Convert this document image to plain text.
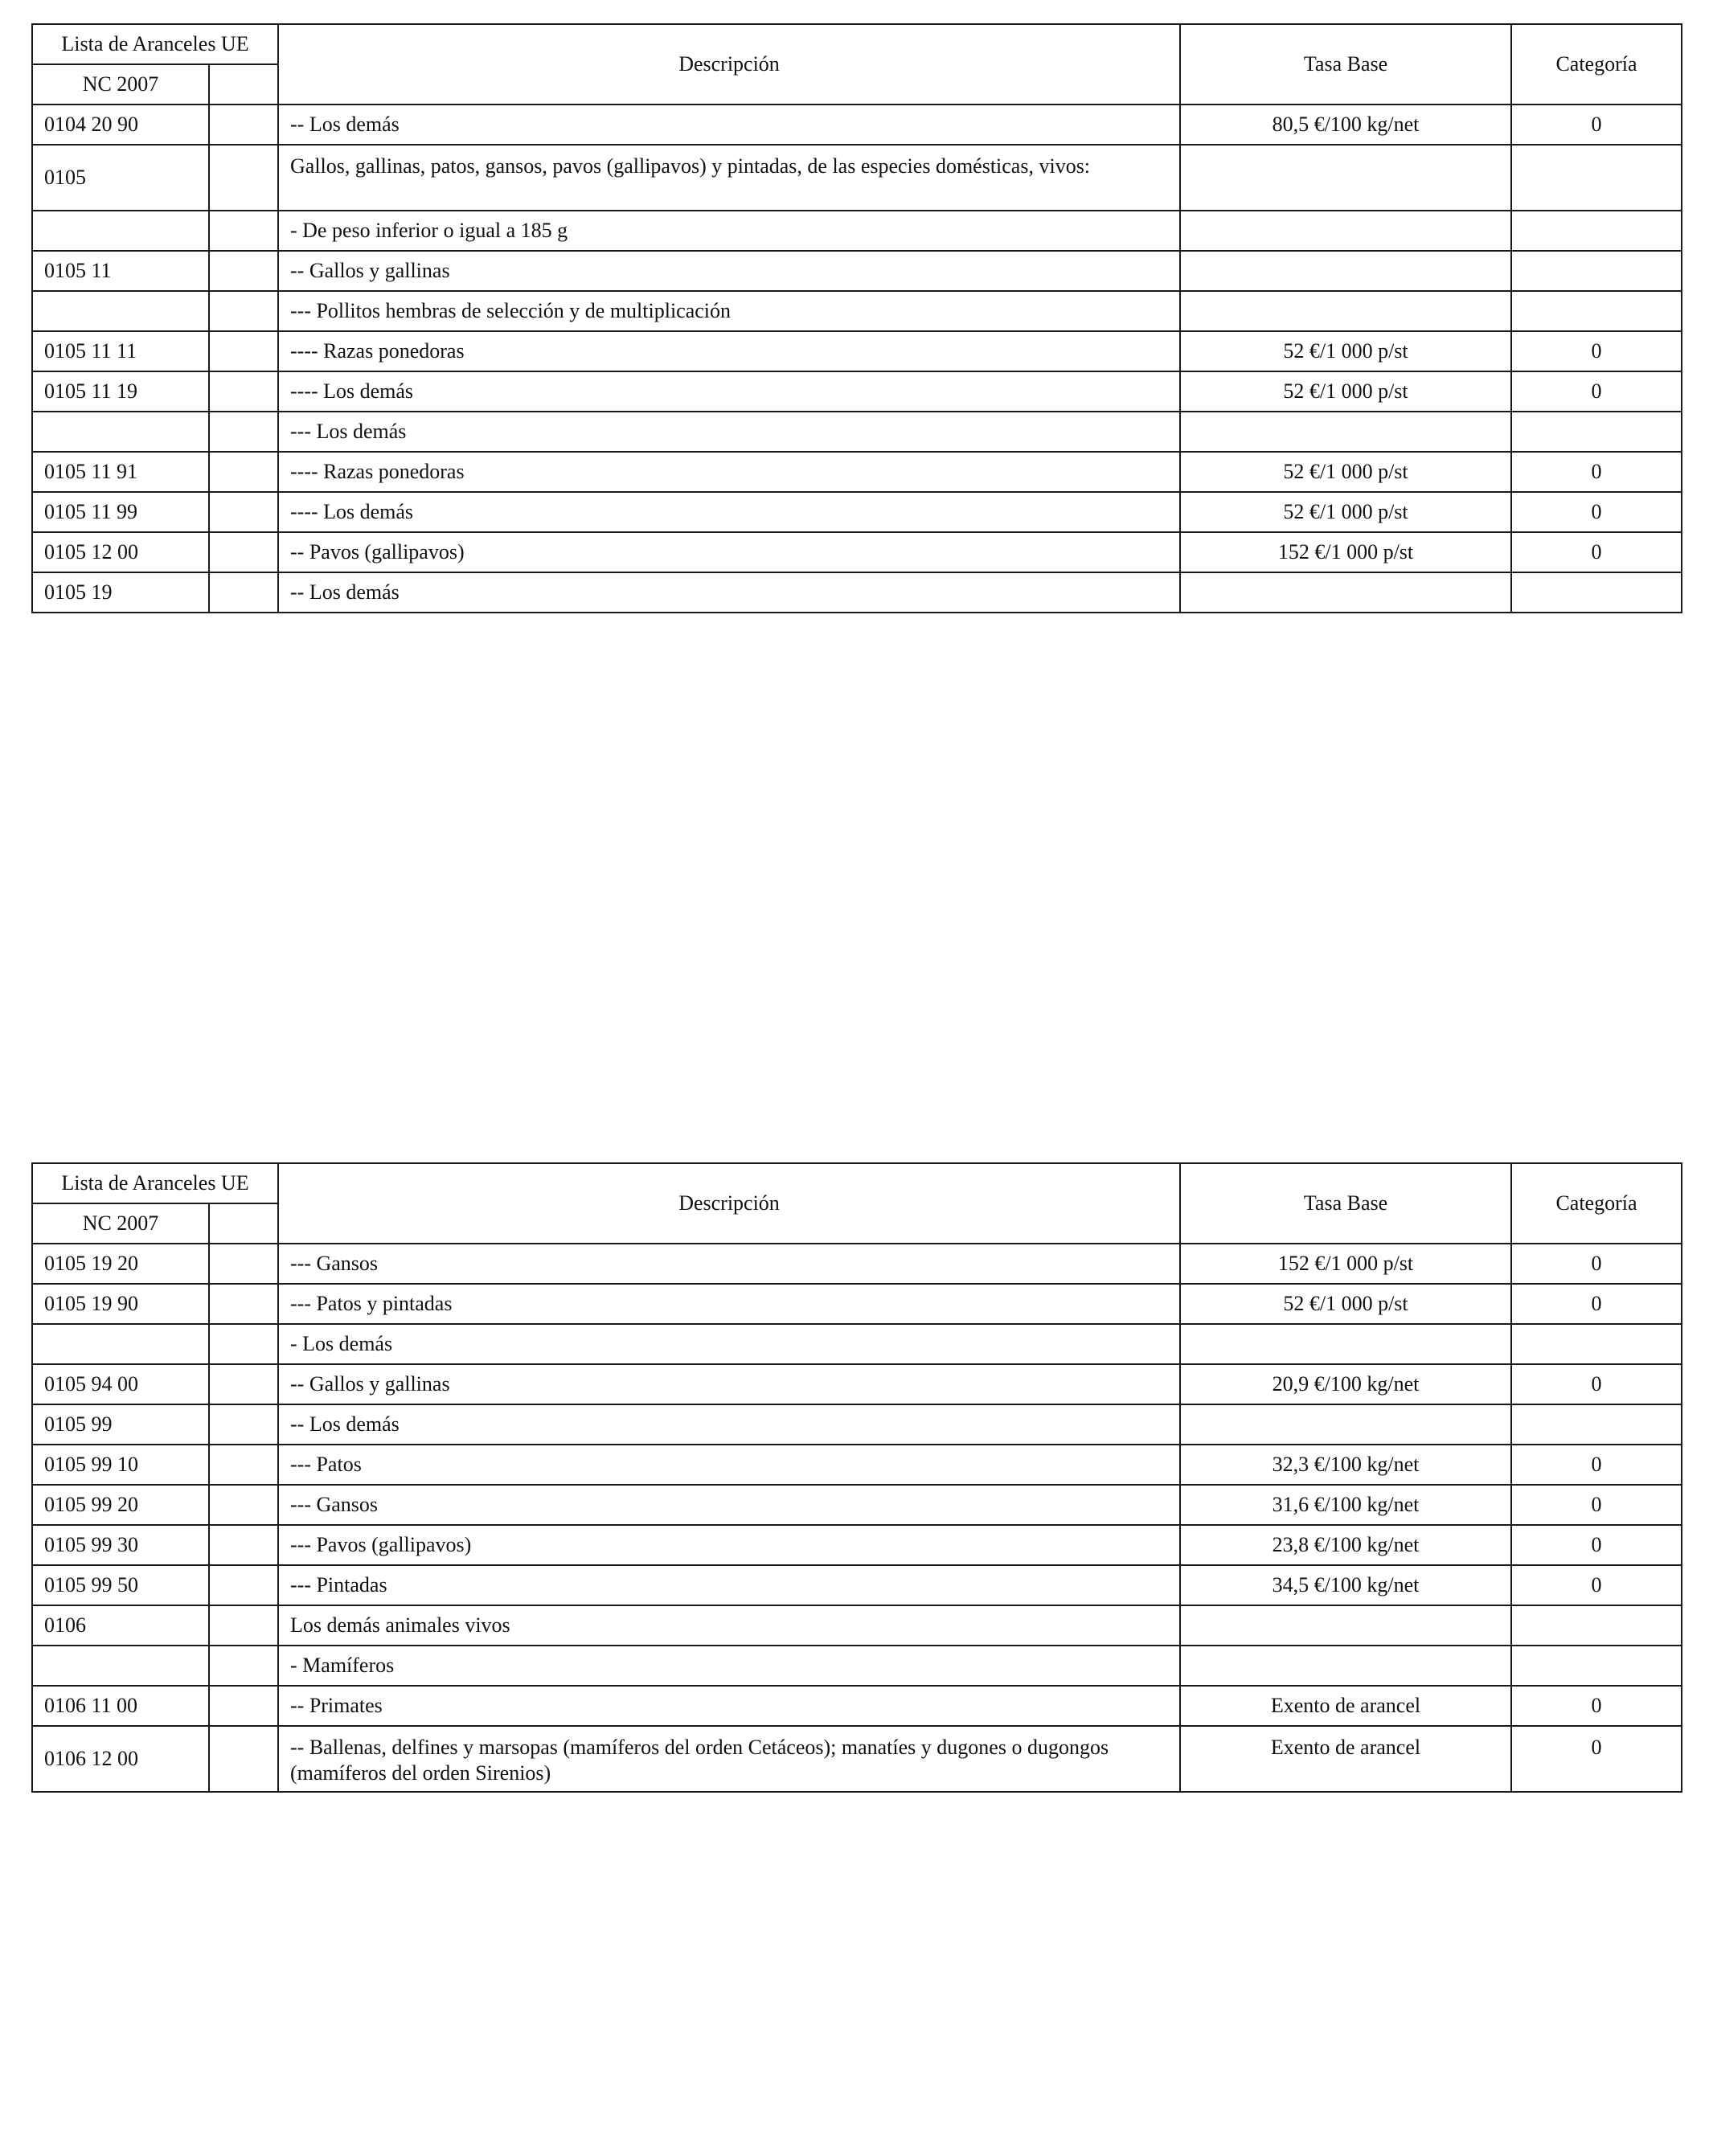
Lista de Aranceles UE		Descripción	Tasa Base	Categoría
NC 2007				
0104 20 90		-- Los demás	80,5 €/100 kg/net	0
0105		Gallos, gallinas, patos, gansos, pavos (gallipavos) y pintadas, de las especies domésticas, vivos:		
		- De peso inferior o igual a 185 g		
0105 11		-- Gallos y gallinas		
		--- Pollitos hembras de selección y de multiplicación		
0105 11 11		---- Razas ponedoras	52 €/1 000 p/st	0
0105 11 19		---- Los demás	52 €/1 000 p/st	0
		--- Los demás		
0105 11 91		---- Razas ponedoras	52 €/1 000 p/st	0
0105 11 99		---- Los demás	52 €/1 000 p/st	0
0105 12 00		-- Pavos (gallipavos)	152 €/1 000 p/st	0
0105 19		-- Los demás		
Lista de Aranceles UE		Descripción	Tasa Base	Categoría
NC 2007				
0105 19 20		--- Gansos	152 €/1 000 p/st	0
0105 19 90		--- Patos y pintadas	52 €/1 000 p/st	0
		- Los demás		
0105 94 00		-- Gallos y gallinas	20,9 €/100 kg/net	0
0105 99		-- Los demás		
0105 99 10		--- Patos	32,3 €/100 kg/net	0
0105 99 20		--- Gansos	31,6 €/100 kg/net	0
0105 99 30		--- Pavos (gallipavos)	23,8 €/100 kg/net	0
0105 99 50		--- Pintadas	34,5 €/100 kg/net	0
0106		Los demás animales vivos		
		- Mamíferos		
0106 11 00		-- Primates	Exento de arancel	0
0106 12 00		-- Ballenas, delfines y marsopas (mamíferos del orden Cetáceos); manatíes y dugones o dugongos (mamíferos del orden Sirenios)	Exento de arancel	0
